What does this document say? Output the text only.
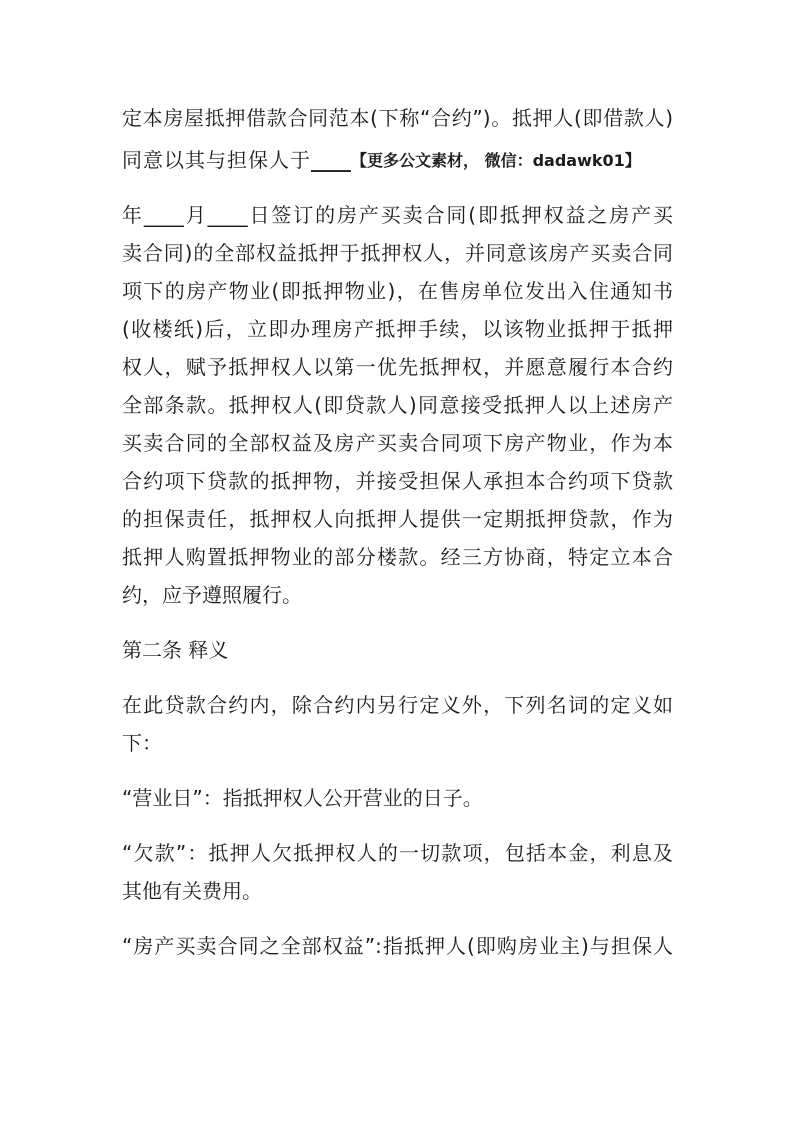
定本房屋抵押借款合同范本(下称“合约”)。抵押人(即借款人)
同意以其与担保人于____【更多公文素材， 微信：dadawk01】
年____月____日签订的房产买卖合同(即抵押权益之房产买
卖合同)的全部权益抵押于抵押权人，并同意该房产买卖合同
项下的房产物业(即抵押物业)，在售房单位发出入住通知书
(收楼纸)后，立即办理房产抵押手续，以该物业抵押于抵押
权人，赋予抵押权人以第一优先抵押权，并愿意履行本合约
全部条款。抵押权人(即贷款人)同意接受抵押人以上述房产
买卖合同的全部权益及房产买卖合同项下房产物业，作为本
合约项下贷款的抵押物，并接受担保人承担本合约项下贷款
的担保责任，抵押权人向抵押人提供一定期抵押贷款，作为
抵押人购置抵押物业的部分楼款。经三方协商，特定立本合
约，应予遵照履行。
第二条 释义
在此贷款合约内，除合约内另行定义外，下列名词的定义如
下：
“营业日”：指抵押权人公开营业的日子。
“欠款”：抵押人欠抵押权人的一切款项，包括本金，利息及
其他有关费用。
“房产买卖合同之全部权益”:指抵押人(即购房业主)与担保人
